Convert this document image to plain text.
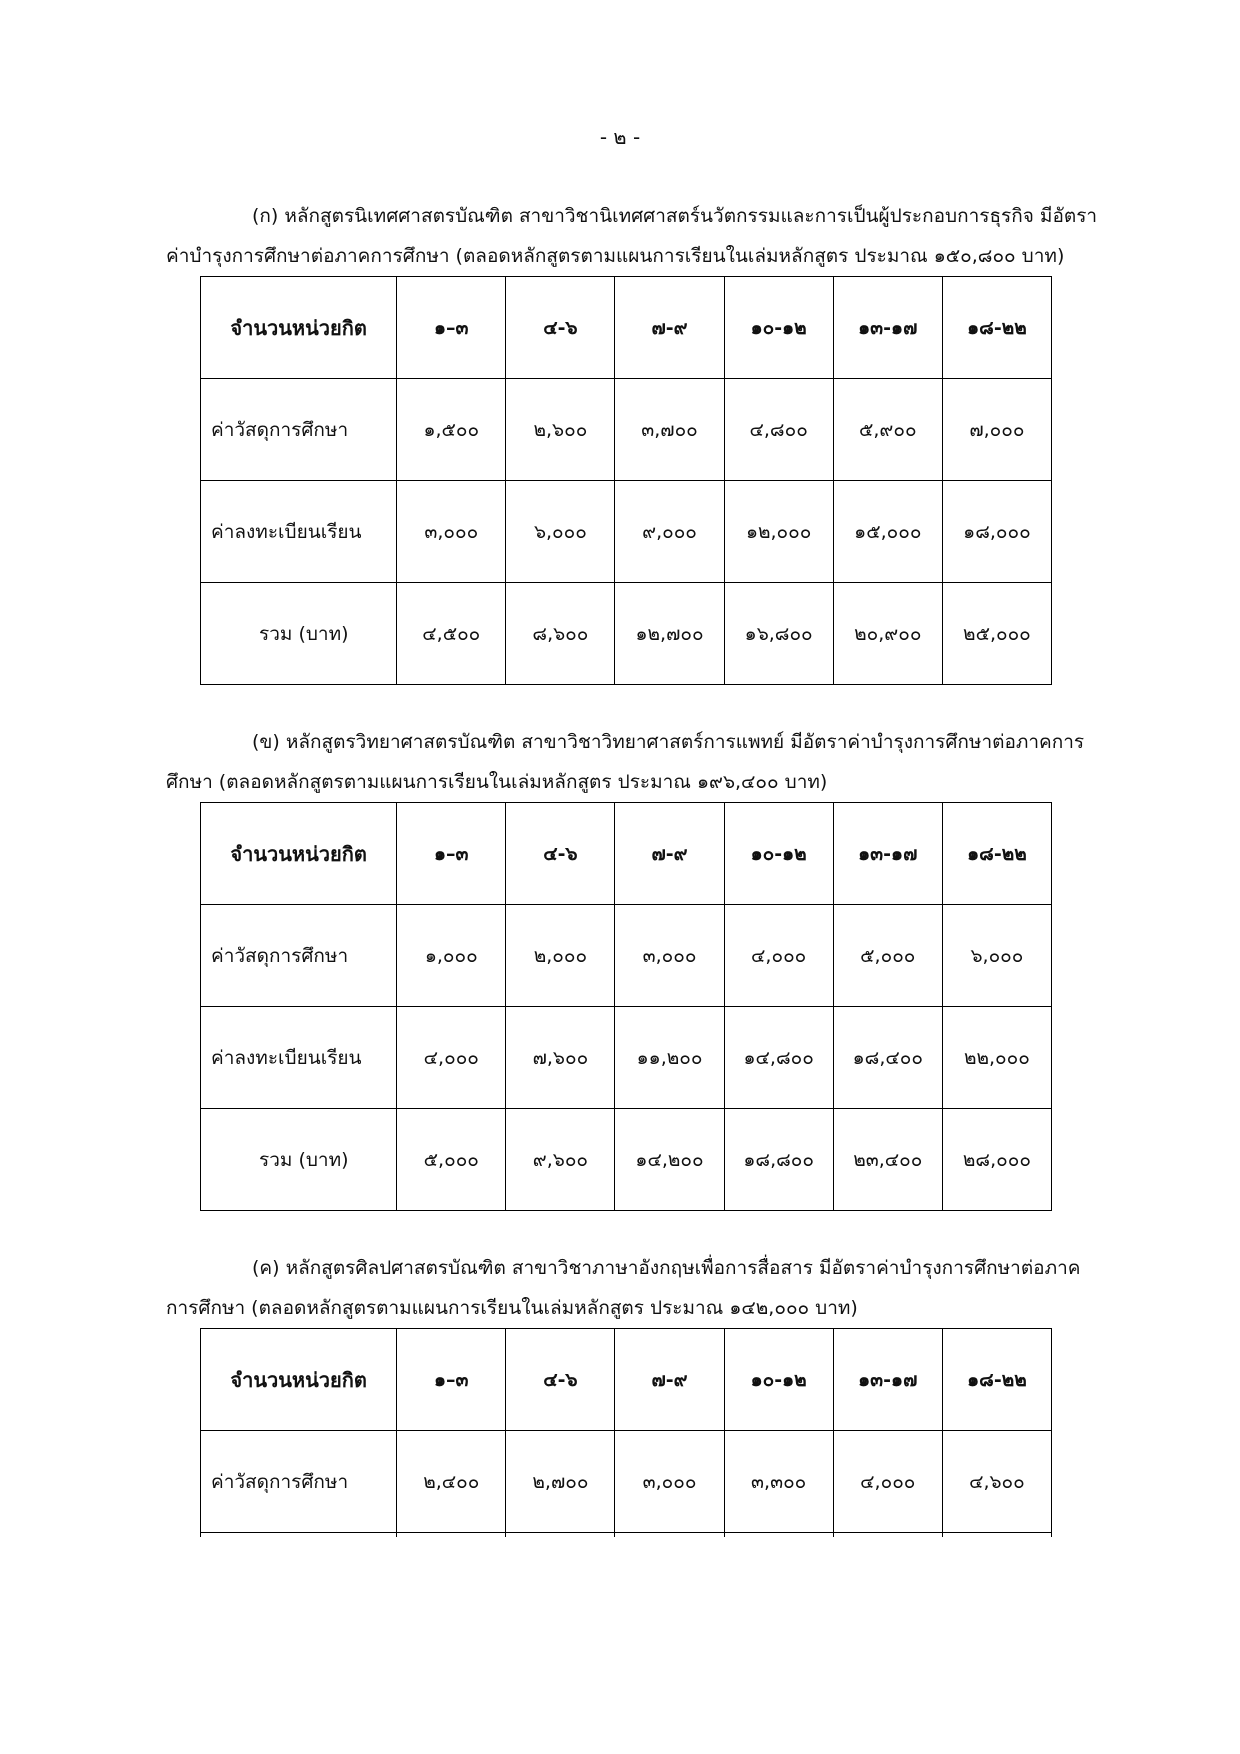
- ๒ -

(ก) หลักสูตรนิเทศศาสตรบัณฑิต สาขาวิชานิเทศศาสตร์นวัตกรรมและการเป็นผู้ประกอบการธุรกิจ มีอัตรา
ค่าบำรุงการศึกษาต่อภาคการศึกษา (ตลอดหลักสูตรตามแผนการเรียนในเล่มหลักสูตร ประมาณ ๑๕๐,๘๐๐ บาท)

จำนวนหน่วยกิต	๑–๓	๔-๖	๗-๙	๑๐-๑๒	๑๓-๑๗	๑๘-๒๒
ค่าวัสดุการศึกษา	๑,๕๐๐	๒,๖๐๐	๓,๗๐๐	๔,๘๐๐	๕,๙๐๐	๗,๐๐๐
ค่าลงทะเบียนเรียน	๓,๐๐๐	๖,๐๐๐	๙,๐๐๐	๑๒,๐๐๐	๑๕,๐๐๐	๑๘,๐๐๐
รวม (บาท)	๔,๕๐๐	๘,๖๐๐	๑๒,๗๐๐	๑๖,๘๐๐	๒๐,๙๐๐	๒๕,๐๐๐

(ข) หลักสูตรวิทยาศาสตรบัณฑิต สาขาวิชาวิทยาศาสตร์การแพทย์ มีอัตราค่าบำรุงการศึกษาต่อภาคการ
ศึกษา (ตลอดหลักสูตรตามแผนการเรียนในเล่มหลักสูตร ประมาณ ๑๙๖,๔๐๐ บาท)

จำนวนหน่วยกิต	๑–๓	๔-๖	๗-๙	๑๐-๑๒	๑๓-๑๗	๑๘-๒๒
ค่าวัสดุการศึกษา	๑,๐๐๐	๒,๐๐๐	๓,๐๐๐	๔,๐๐๐	๕,๐๐๐	๖,๐๐๐
ค่าลงทะเบียนเรียน	๔,๐๐๐	๗,๖๐๐	๑๑,๒๐๐	๑๔,๘๐๐	๑๘,๔๐๐	๒๒,๐๐๐
รวม (บาท)	๕,๐๐๐	๙,๖๐๐	๑๔,๒๐๐	๑๘,๘๐๐	๒๓,๔๐๐	๒๘,๐๐๐

(ค) หลักสูตรศิลปศาสตรบัณฑิต สาขาวิชาภาษาอังกฤษเพื่อการสื่อสาร มีอัตราค่าบำรุงการศึกษาต่อภาค
การศึกษา (ตลอดหลักสูตรตามแผนการเรียนในเล่มหลักสูตร ประมาณ ๑๔๒,๐๐๐ บาท)

จำนวนหน่วยกิต	๑–๓	๔-๖	๗-๙	๑๐-๑๒	๑๓-๑๗	๑๘-๒๒
ค่าวัสดุการศึกษา	๒,๔๐๐	๒,๗๐๐	๓,๐๐๐	๓,๓๐๐	๔,๐๐๐	๔,๖๐๐
